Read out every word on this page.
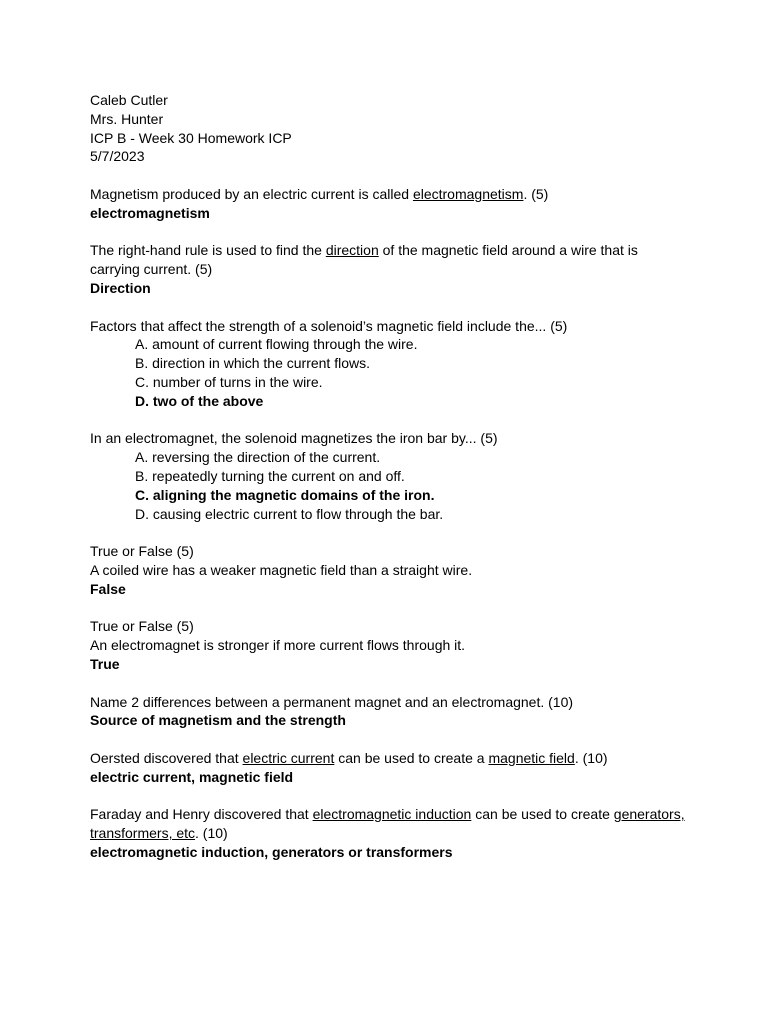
Caleb Cutler
Mrs. Hunter
ICP B - Week 30 Homework ICP
5/7/2023
Magnetism produced by an electric current is called electromagnetism. (5)
electromagnetism
The right-hand rule is used to find the direction of the magnetic field around a wire that is carrying current. (5)
Direction
Factors that affect the strength of a solenoid’s magnetic field include the... (5)
A. amount of current flowing through the wire.
B. direction in which the current flows.
C. number of turns in the wire.
D. two of the above
In an electromagnet, the solenoid magnetizes the iron bar by... (5)
A. reversing the direction of the current.
B. repeatedly turning the current on and off.
C. aligning the magnetic domains of the iron.
D. causing electric current to flow through the bar.
True or False (5)
A coiled wire has a weaker magnetic field than a straight wire.
False
True or False (5)
An electromagnet is stronger if more current flows through it.
True
Name 2 differences between a permanent magnet and an electromagnet. (10)
Source of magnetism and the strength
Oersted discovered that electric current can be used to create a magnetic field. (10)
electric current, magnetic field
Faraday and Henry discovered that electromagnetic induction can be used to create generators, transformers, etc. (10)
electromagnetic induction, generators or transformers
